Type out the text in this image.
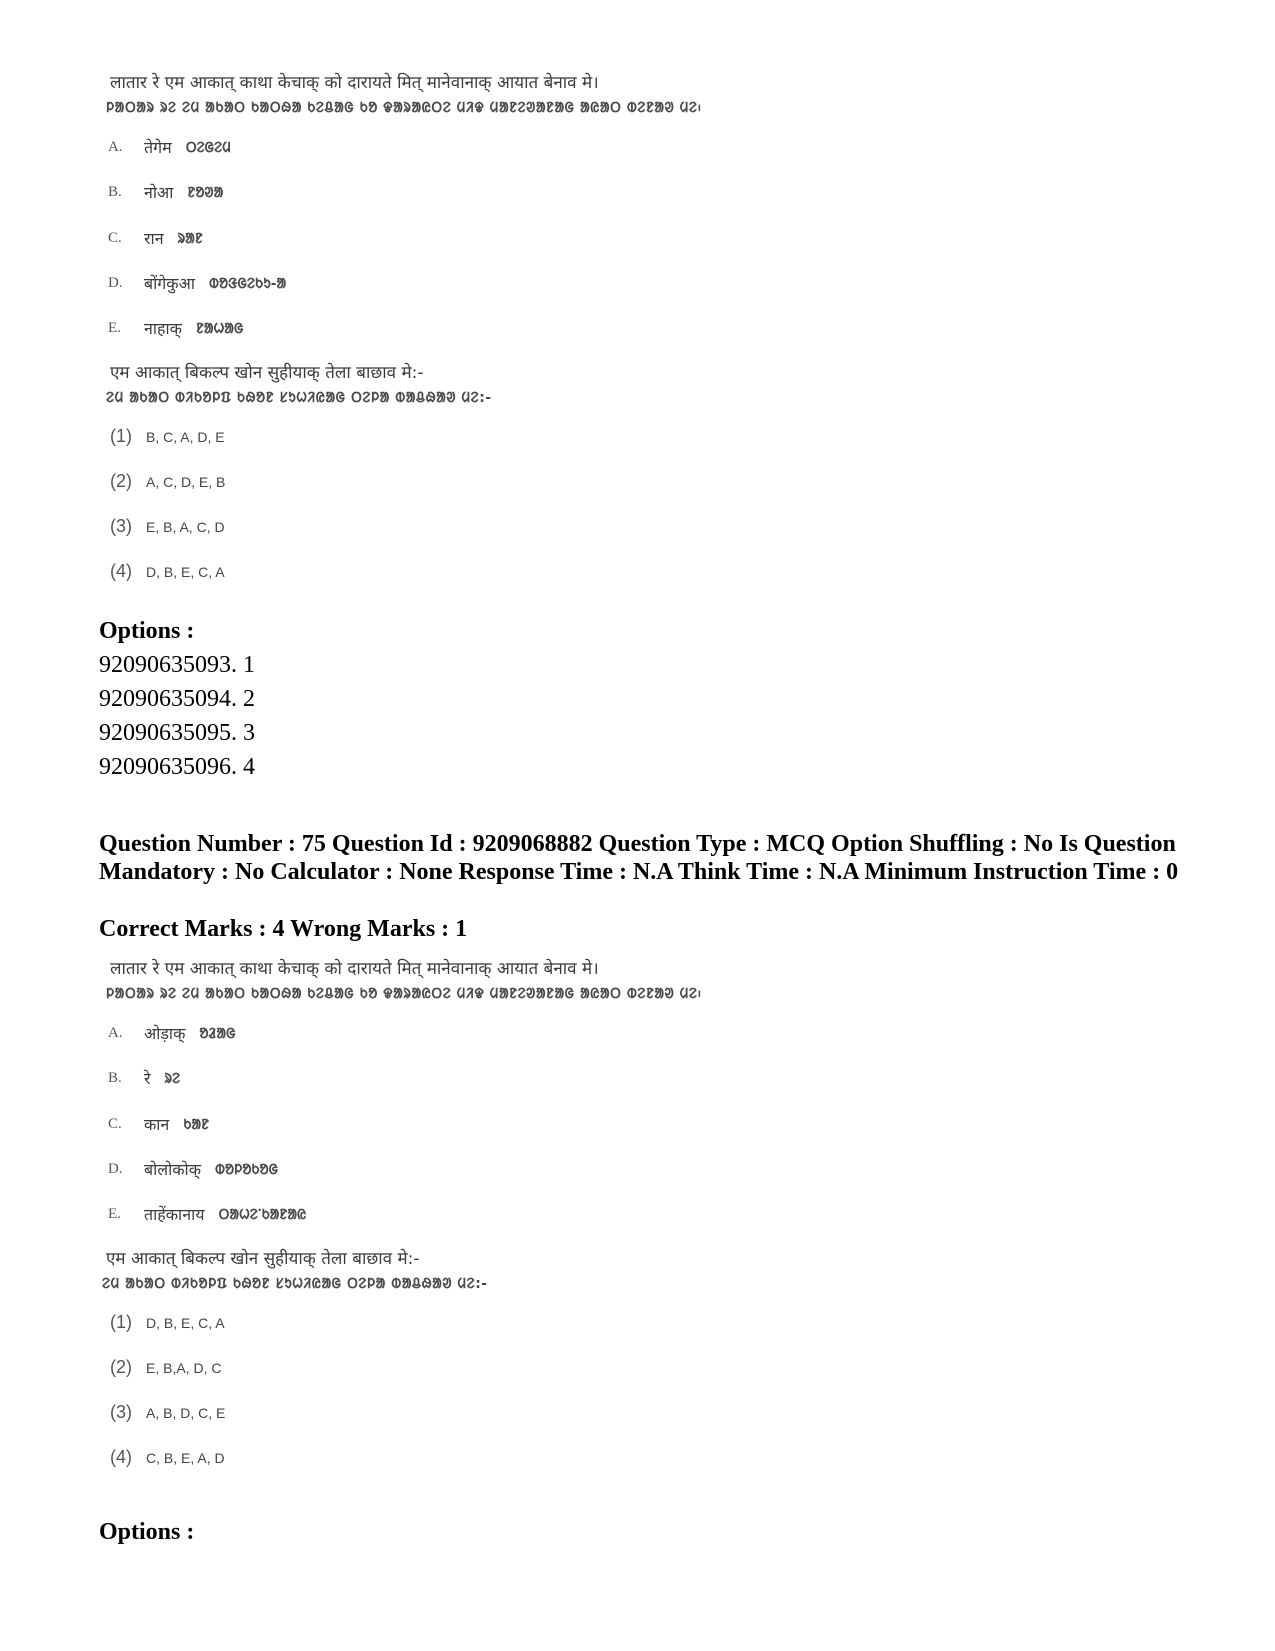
लातार रे एम आकात् काथा केचाक् को दारायते मित् मानेवानाक् आयात बेनाव मे।
ᱞᱟᱛᱟᱨ ᱨᱮ ᱮᱢ ᱟᱠᱟᱛ ᱠᱟᱛᱷᱟ ᱠᱮᱪᱟᱜ ᱠᱚ ᱫᱟᱨᱟᱭᱛᱮ ᱢᱤᱫ ᱢᱟᱱᱮᱣᱟᱱᱟᱜ ᱟᱭᱟᱛ ᱵᱮᱱᱟᱣ ᱢᱮ᱾
A.	तेगेम ᱛᱮᱜᱮᱢ
B.	नोआ ᱱᱚᱣᱟ
C.	रान ᱨᱟᱱ
D.	बोंगेकुआ ᱵᱚᱝᱜᱮᱠᱩ-ᱟ
E.	नाहाक् ᱱᱟᱦᱟᱜ
एम आकात् बिकल्प खोन सुहीयाक् तेला बाछाव मे:-
ᱮᱢ ᱟᱠᱟᱛ ᱵᱤᱠᱚᱞᱯ ᱠᱷᱚᱱ ᱥᱩᱦᱤᱭᱟᱜ ᱛᱮᱞᱟ ᱵᱟᱪᱷᱟᱣ ᱢᱮ:-
(1)	B, C, A, D, E
(2)	A, C, D, E, B
(3)	E, B, A, C, D
(4)	D, B, E, C, A
Options :
92090635093. 1
92090635094. 2
92090635095. 3
92090635096. 4
Question Number : 75 Question Id : 9209068882 Question Type : MCQ Option Shuffling : No Is Question Mandatory : No Calculator : None Response Time : N.A Think Time : N.A Minimum Instruction Time : 0
Correct Marks : 4 Wrong Marks : 1
लातार रे एम आकात् काथा केचाक् को दारायते मित् मानेवानाक् आयात बेनाव मे।
ᱞᱟᱛᱟᱨ ᱨᱮ ᱮᱢ ᱟᱠᱟᱛ ᱠᱟᱛᱷᱟ ᱠᱮᱪᱟᱜ ᱠᱚ ᱫᱟᱨᱟᱭᱛᱮ ᱢᱤᱫ ᱢᱟᱱᱮᱣᱟᱱᱟᱜ ᱟᱭᱟᱛ ᱵᱮᱱᱟᱣ ᱢᱮ᱾
A.	ओड़ाक् ᱚᱲᱟᱜ
B.	रे ᱨᱮ
C.	कान ᱠᱟᱱ
D.	बोलोकोक् ᱵᱚᱞᱚᱠᱚᱜ
E.	ताहेंकानाय ᱛᱟᱦᱮᱸᱠᱟᱱᱟᱭ
एम आकात् बिकल्प खोन सुहीयाक् तेला बाछाव मे:-
ᱮᱢ ᱟᱠᱟᱛ ᱵᱤᱠᱚᱞᱯ ᱠᱷᱚᱱ ᱥᱩᱦᱤᱭᱟᱜ ᱛᱮᱞᱟ ᱵᱟᱪᱷᱟᱣ ᱢᱮ:-
(1)	D, B, E, C, A
(2)	E, B,A, D, C
(3)	A, B, D, C, E
(4)	C, B, E, A, D
Options :
